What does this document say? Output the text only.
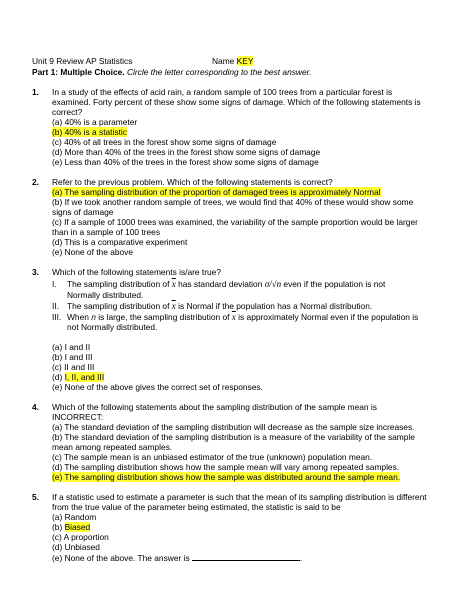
Unit 9 Review AP Statistics	Name KEY
Part 1: Multiple Choice. Circle the letter corresponding to the best answer.
1. In a study of the effects of acid rain, a random sample of 100 trees from a particular forest is
examined. Forty percent of these show some signs of damage. Which of the following statements is
correct?
(a) 40% is a parameter
(b) 40% is a statistic
(c) 40% of all trees in the forest show some signs of damage
(d) More than 40% of the trees in the forest show some signs of damage
(e) Less than 40% of the trees in the forest show some signs of damage
2. Refer to the previous problem. Which of the following statements is correct?
(a) The sampling distribution of the proportion of damaged trees is approximately Normal
(b) If we took another random sample of trees, we would find that 40% of these would show some
signs of damage
(c) If a sample of 1000 trees was examined, the variability of the sample proportion would be larger
than in a sample of 100 trees
(d) This is a comparative experiment
(e) None of the above
3. Which of the following statements is/are true?
I. The sampling distribution of $\overline{x}$ has standard deviation σ/√n even if the population is not
Normally distributed.
II. The sampling distribution of $\overline{x}$ is Normal if the population has a Normal distribution.
III. When n is large, the sampling distribution of $\overline{x}$ is approximately Normal even if the population is
not Normally distributed.
(a) I and II
(b) I and III
(c) II and III
(d) I, II, and III
(e) None of the above gives the correct set of responses.
4. Which of the following statements about the sampling distribution of the sample mean is
INCORRECT:
(a) The standard deviation of the sampling distribution will decrease as the sample size increases.
(b) The standard deviation of the sampling distribution is a measure of the variability of the sample
mean among repeated samples.
(c) The sample mean is an unbiased estimator of the true (unknown) population mean.
(d) The sampling distribution shows how the sample mean will vary among repeated samples.
(e) The sampling distribution shows how the sample was distributed around the sample mean.
5. If a statistic used to estimate a parameter is such that the mean of its sampling distribution is different
from the true value of the parameter being estimated, the statistic is said to be
(a) Random
(b) Biased
(c) A proportion
(d) Unbiased
(e) None of the above. The answer is	.
